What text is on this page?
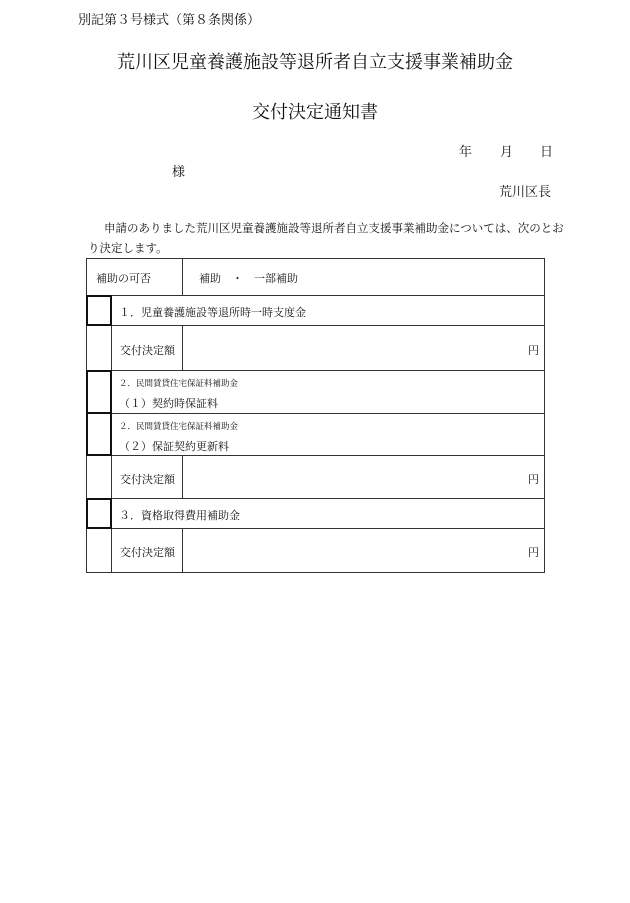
別記第３号様式（第８条関係）
荒川区児童養護施設等退所者自立支援事業補助金
交付決定通知書
年 月 日
様
荒川区長
申請のありました荒川区児童養護施設等退所者自立支援事業補助金については、次のとお
り決定します。
補助の可否	補助　・　一部補助
１．児童養護施設等退所時一時支度金
交付決定額	円
２．民間賃貸住宅保証料補助金
（１）契約時保証料
２．民間賃貸住宅保証料補助金
（２）保証契約更新料
交付決定額	円
３．資格取得費用補助金
交付決定額	円
